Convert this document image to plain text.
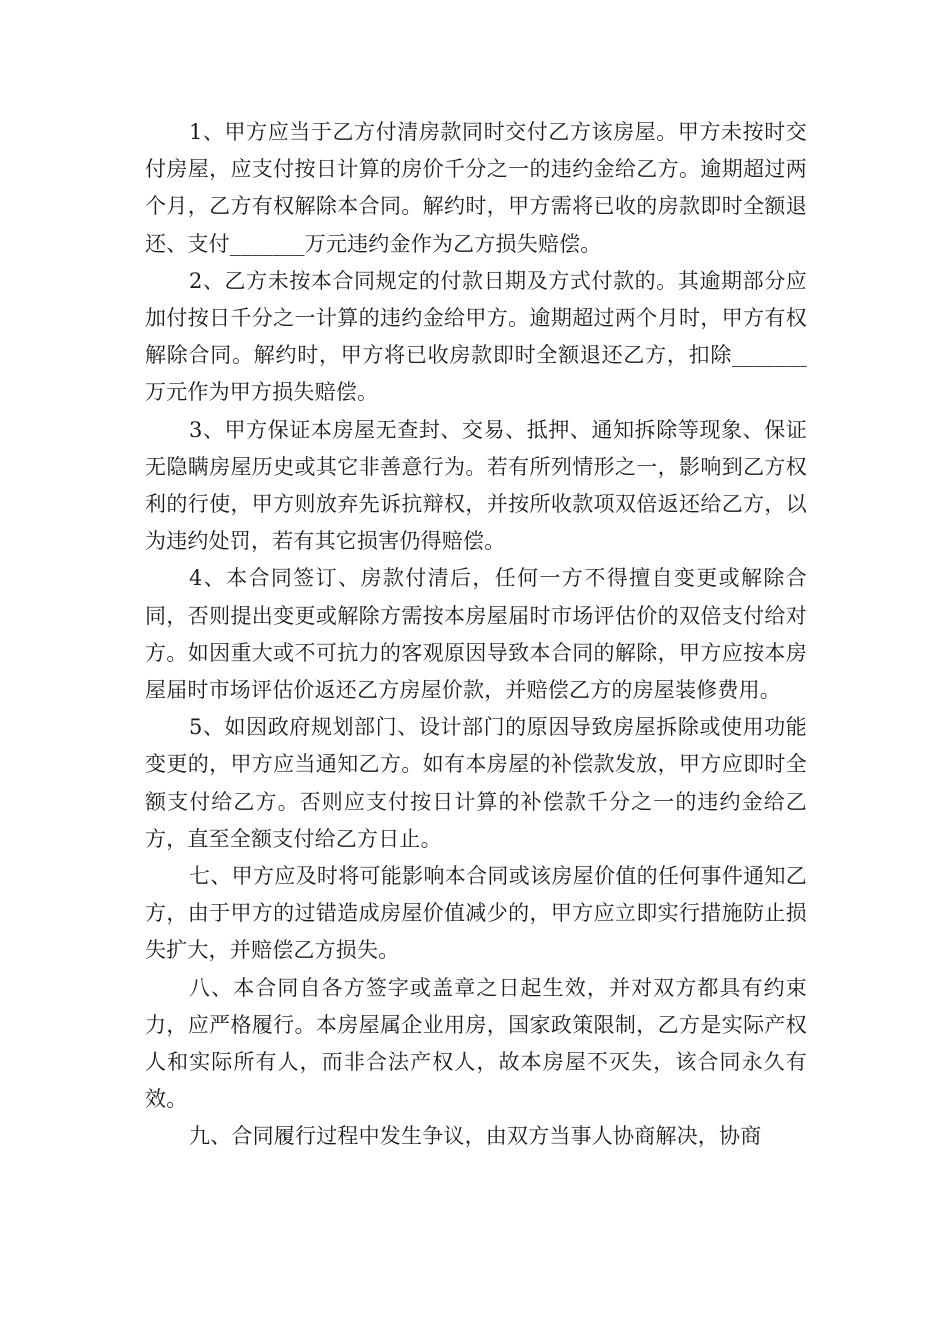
1、甲方应当于乙方付清房款同时交付乙方该房屋。甲方未按时交付房屋，应支付按日计算的房价千分之一的违约金给乙方。逾期超过两个月，乙方有权解除本合同。解约时，甲方需将已收的房款即时全额退还、支付_______万元违约金作为乙方损失赔偿。

2、乙方未按本合同规定的付款日期及方式付款的。其逾期部分应加付按日千分之一计算的违约金给甲方。逾期超过两个月时，甲方有权解除合同。解约时，甲方将已收房款即时全额退还乙方，扣除_______万元作为甲方损失赔偿。

3、甲方保证本房屋无查封、交易、抵押、通知拆除等现象、保证无隐瞒房屋历史或其它非善意行为。若有所列情形之一，影响到乙方权利的行使，甲方则放弃先诉抗辩权，并按所收款项双倍返还给乙方，以为违约处罚，若有其它损害仍得赔偿。

4、本合同签订、房款付清后，任何一方不得擅自变更或解除合同，否则提出变更或解除方需按本房屋届时市场评估价的双倍支付给对方。如因重大或不可抗力的客观原因导致本合同的解除，甲方应按本房屋届时市场评估价返还乙方房屋价款，并赔偿乙方的房屋装修费用。

5、如因政府规划部门、设计部门的原因导致房屋拆除或使用功能变更的，甲方应当通知乙方。如有本房屋的补偿款发放，甲方应即时全额支付给乙方。否则应支付按日计算的补偿款千分之一的违约金给乙方，直至全额支付给乙方日止。

七、甲方应及时将可能影响本合同或该房屋价值的任何事件通知乙方，由于甲方的过错造成房屋价值减少的，甲方应立即实行措施防止损失扩大，并赔偿乙方损失。

八、本合同自各方签字或盖章之日起生效，并对双方都具有约束力，应严格履行。本房屋属企业用房，国家政策限制，乙方是实际产权人和实际所有人，而非合法产权人，故本房屋不灭失，该合同永久有效。

九、合同履行过程中发生争议，由双方当事人协商解决，协商
